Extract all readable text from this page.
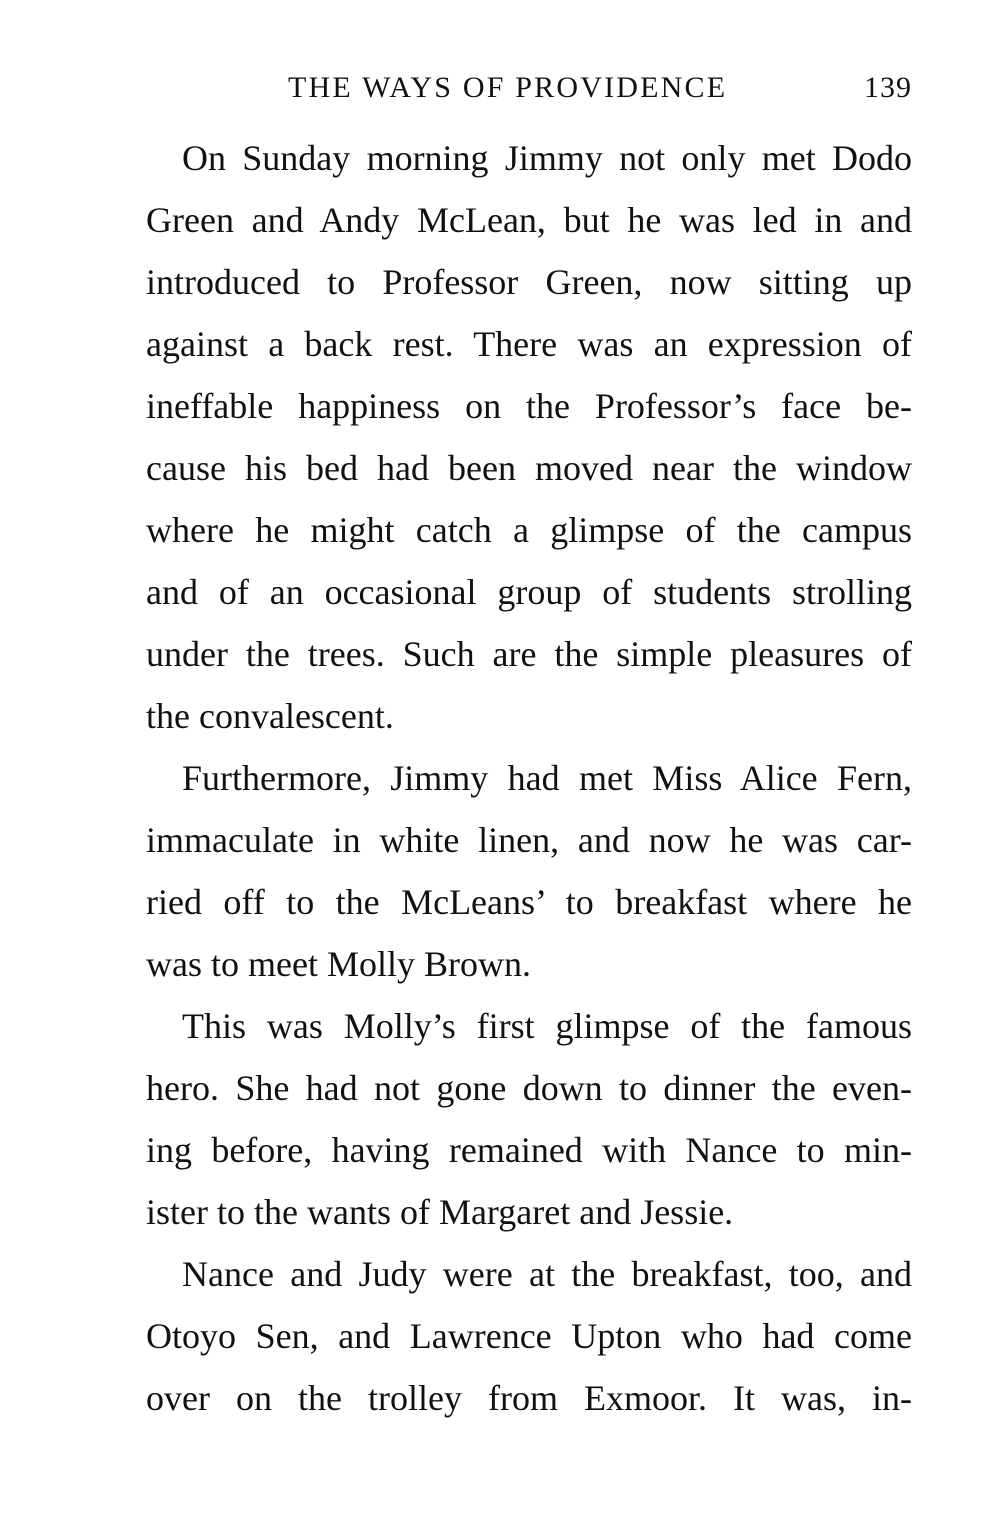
THE WAYS OF PROVIDENCE	139
On Sunday morning Jimmy not only met Dodo
Green and Andy McLean, but he was led in and
introduced to Professor Green, now sitting up
against a back rest. There was an expression of
ineffable happiness on the Professor’s face be-
cause his bed had been moved near the window
where he might catch a glimpse of the campus
and of an occasional group of students strolling
under the trees. Such are the simple pleasures of
the convalescent.
Furthermore, Jimmy had met Miss Alice Fern,
immaculate in white linen, and now he was car-
ried off to the McLeans’ to breakfast where he
was to meet Molly Brown.
This was Molly’s first glimpse of the famous
hero. She had not gone down to dinner the even-
ing before, having remained with Nance to min-
ister to the wants of Margaret and Jessie.
Nance and Judy were at the breakfast, too, and
Otoyo Sen, and Lawrence Upton who had come
over on the trolley from Exmoor. It was, in-
